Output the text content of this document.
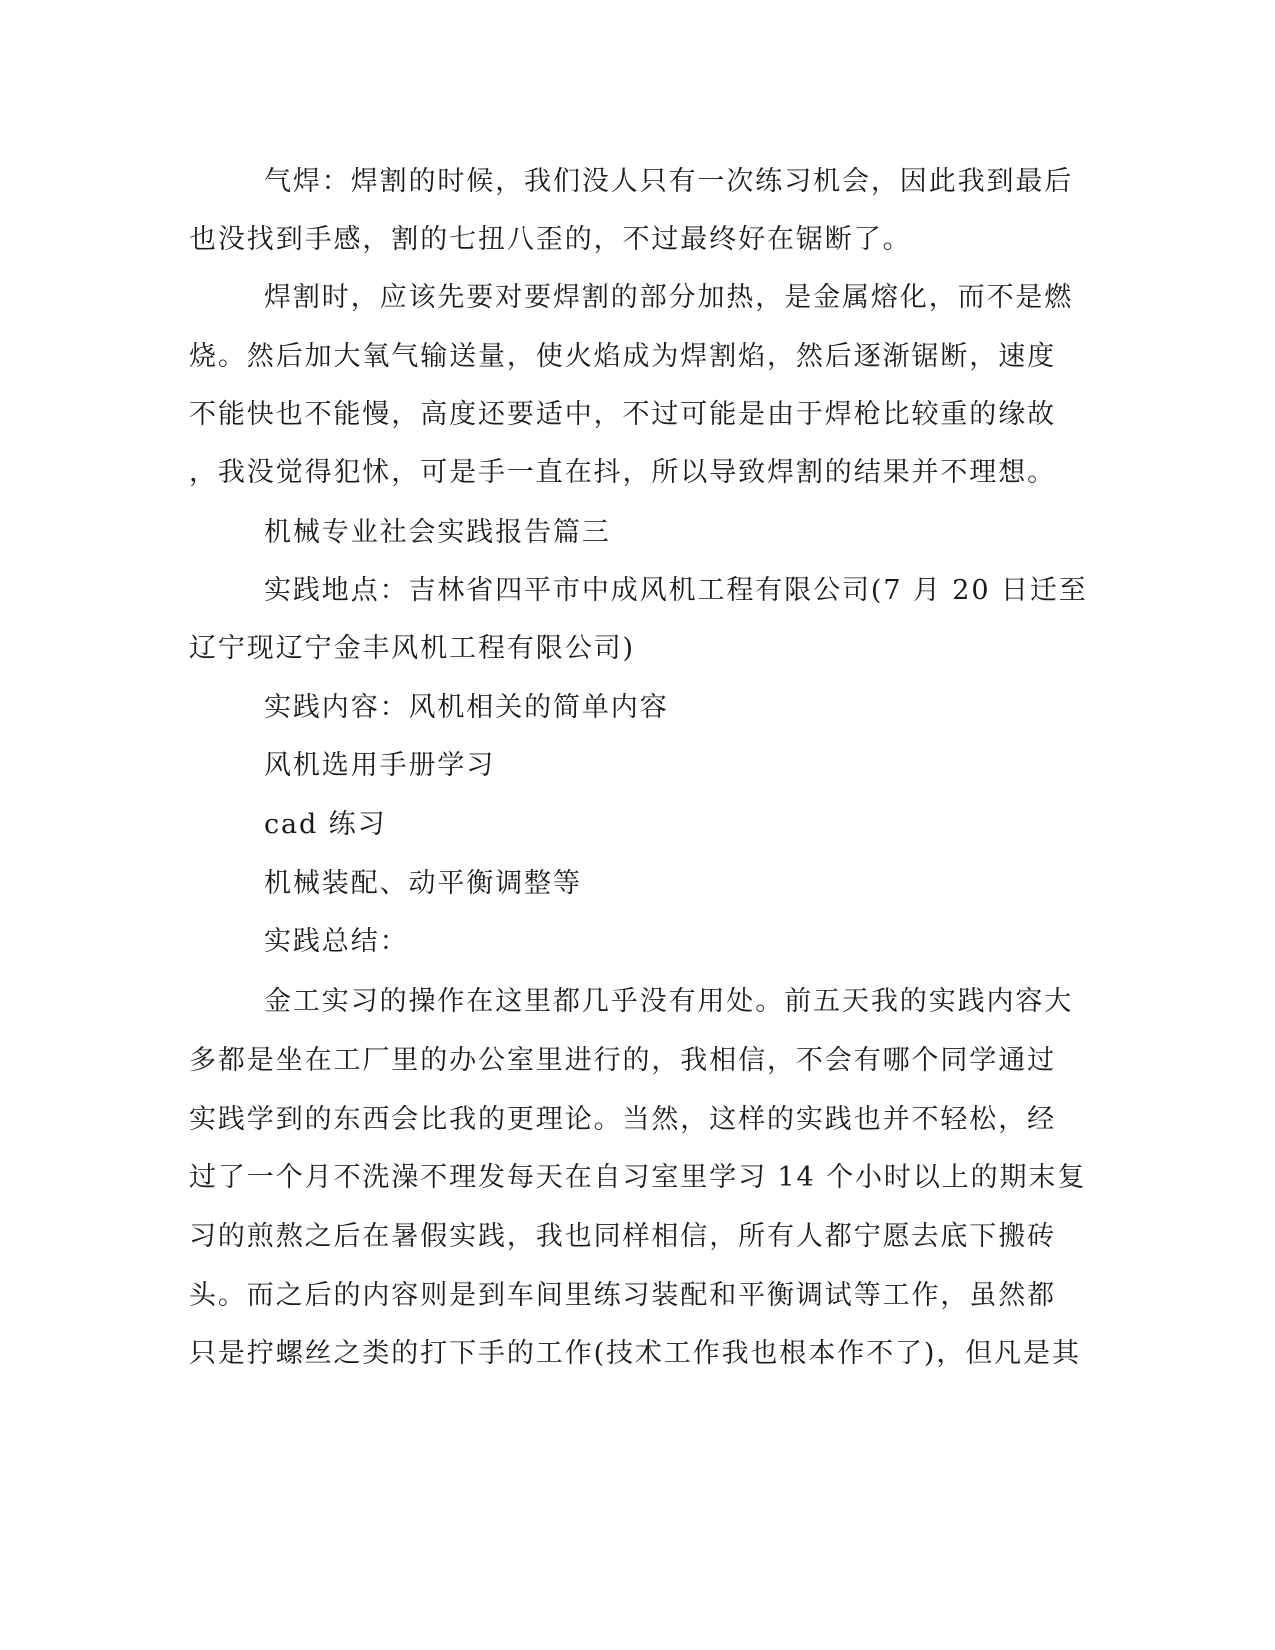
气焊：焊割的时候，我们没人只有一次练习机会，因此我到最后
也没找到手感，割的七扭八歪的，不过最终好在锯断了。
焊割时，应该先要对要焊割的部分加热，是金属熔化，而不是燃
烧。然后加大氧气输送量，使火焰成为焊割焰，然后逐渐锯断，速度
不能快也不能慢，高度还要适中，不过可能是由于焊枪比较重的缘故
，我没觉得犯怵，可是手一直在抖，所以导致焊割的结果并不理想。
机械专业社会实践报告篇三
实践地点：吉林省四平市中成风机工程有限公司(7 月 20 日迁至
辽宁现辽宁金丰风机工程有限公司)
实践内容：风机相关的简单内容
风机选用手册学习
cad 练习
机械装配、动平衡调整等
实践总结：
金工实习的操作在这里都几乎没有用处。前五天我的实践内容大
多都是坐在工厂里的办公室里进行的，我相信，不会有哪个同学通过
实践学到的东西会比我的更理论。当然，这样的实践也并不轻松，经
过了一个月不洗澡不理发每天在自习室里学习 14 个小时以上的期末复
习的煎熬之后在暑假实践，我也同样相信，所有人都宁愿去底下搬砖
头。而之后的内容则是到车间里练习装配和平衡调试等工作，虽然都
只是拧螺丝之类的打下手的工作(技术工作我也根本作不了)，但凡是其
